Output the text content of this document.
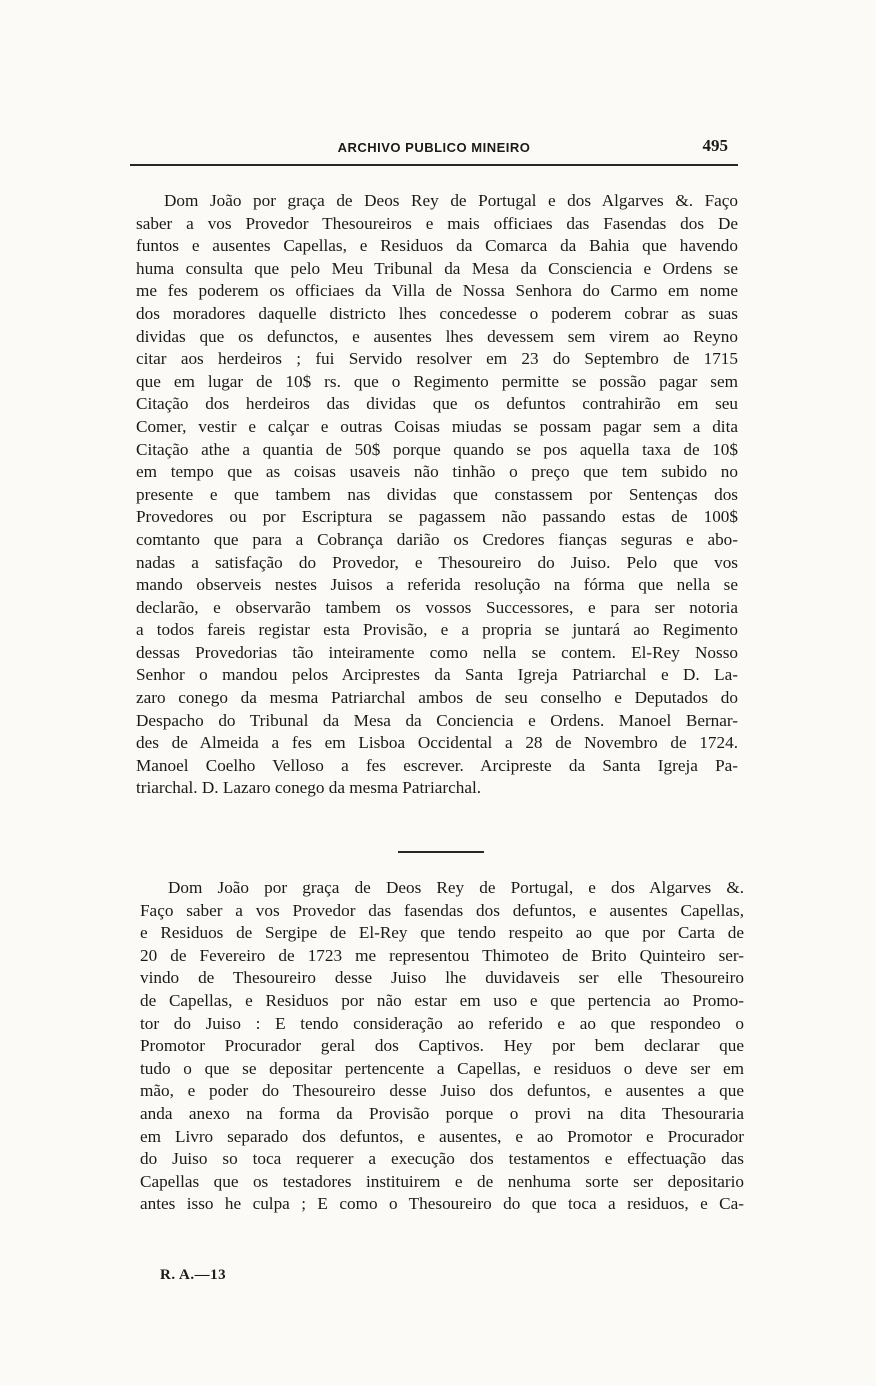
ARCHIVO PUBLICO MINEIRO	495

Dom João por graça de Deos Rey de Portugal e dos Algarves &. Faço
saber a vos Provedor Thesoureiros e mais officiaes das Fasendas dos De
funtos e ausentes Capellas, e Residuos da Comarca da Bahia que havendo
huma consulta que pelo Meu Tribunal da Mesa da Consciencia e Ordens se
me fes poderem os officiaes da Villa de Nossa Senhora do Carmo em nome
dos moradores daquelle districto lhes concedesse o poderem cobrar as suas
dividas que os defunctos, e ausentes lhes devessem sem virem ao Reyno
citar aos herdeiros ; fui Servido resolver em 23 do Septembro de 1715
que em lugar de 10$ rs. que o Regimento permitte se possão pagar sem
Citação dos herdeiros das dividas que os defuntos contrahirão em seu
Comer, vestir e calçar e outras Coisas miudas se possam pagar sem a dita
Citação athe a quantia de 50$ porque quando se pos aquella taxa de 10$
em tempo que as coisas usaveis não tinhão o preço que tem subido no
presente e que tambem nas dividas que constassem por Sentenças dos
Provedores ou por Escriptura se pagassem não passando estas de 100$
comtanto que para a Cobrança darião os Credores fianças seguras e abo-
nadas a satisfação do Provedor, e Thesoureiro do Juiso. Pelo que vos
mando observeis nestes Juisos a referida resolução na fórma que nella se
declarão, e observarão tambem os vossos Successores, e para ser notoria
a todos fareis registar esta Provisão, e a propria se juntará ao Regimento
dessas Provedorias tão inteiramente como nella se contem. El-Rey Nosso
Senhor o mandou pelos Arciprestes da Santa Igreja Patriarchal e D. La-
zaro conego da mesma Patriarchal ambos de seu conselho e Deputados do
Despacho do Tribunal da Mesa da Conciencia e Ordens. Manoel Bernar-
des de Almeida a fes em Lisboa Occidental a 28 de Novembro de 1724.
Manoel Coelho Velloso a fes escrever. Arcipreste da Santa Igreja Pa-
triarchal. D. Lazaro conego da mesma Patriarchal.

Dom João por graça de Deos Rey de Portugal, e dos Algarves &.
Faço saber a vos Provedor das fasendas dos defuntos, e ausentes Capellas,
e Residuos de Sergipe de El-Rey que tendo respeito ao que por Carta de
20 de Fevereiro de 1723 me representou Thimoteo de Brito Quinteiro ser-
vindo de Thesoureiro desse Juiso lhe duvidaveis ser elle Thesoureiro
de Capellas, e Residuos por não estar em uso e que pertencia ao Promo-
tor do Juiso : E tendo consideração ao referido e ao que respondeo o
Promotor Procurador geral dos Captivos. Hey por bem declarar que
tudo o que se depositar pertencente a Capellas, e residuos o deve ser em
mão, e poder do Thesoureiro desse Juiso dos defuntos, e ausentes a que
anda anexo na forma da Provisão porque o provi na dita Thesouraria
em Livro separado dos defuntos, e ausentes, e ao Promotor e Procurador
do Juiso so toca requerer a execução dos testamentos e effectuação das
Capellas que os testadores instituirem e de nenhuma sorte ser depositario
antes isso he culpa ; E como o Thesoureiro do que toca a residuos, e Ca-

R. A.—13
